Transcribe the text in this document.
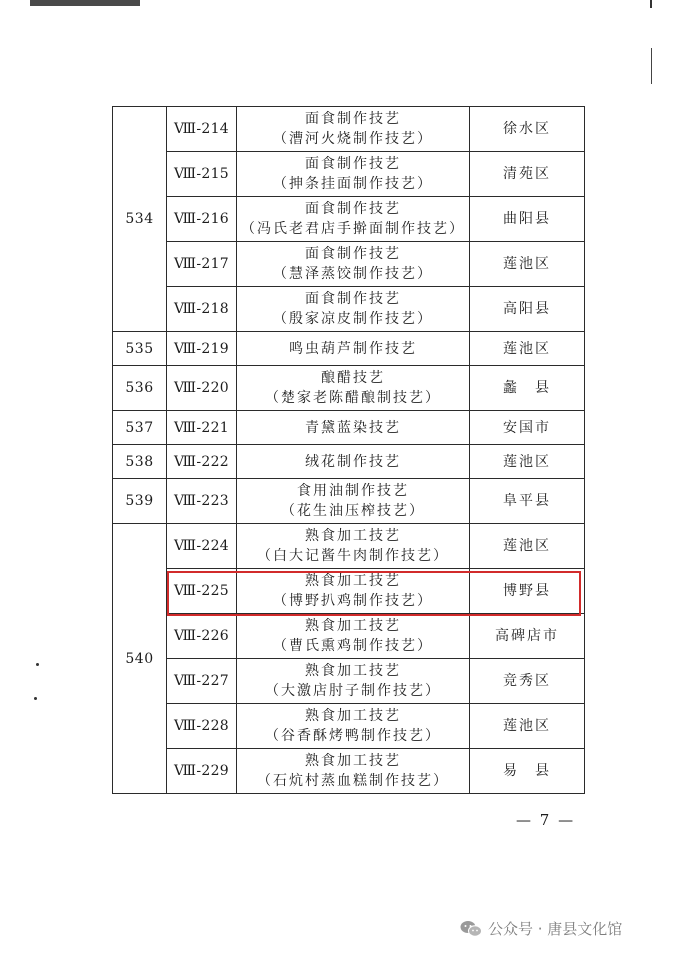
534	Ⅷ-214	面食制作技艺
（漕河火烧制作技艺）	徐水区
	Ⅷ-215	面食制作技艺
（抻条挂面制作技艺）	清苑区
	Ⅷ-216	面食制作技艺
（冯氏老君店手擀面制作技艺）	曲阳县
	Ⅷ-217	面食制作技艺
（慧泽蒸饺制作技艺）	莲池区
	Ⅷ-218	面食制作技艺
（殷家凉皮制作技艺）	高阳县
535	Ⅷ-219	鸣虫葫芦制作技艺	莲池区
536	Ⅷ-220	酿醋技艺
（楚家老陈醋酿制技艺）	蠡　县
537	Ⅷ-221	青黛蓝染技艺	安国市
538	Ⅷ-222	绒花制作技艺	莲池区
539	Ⅷ-223	食用油制作技艺
（花生油压榨技艺）	阜平县
540	Ⅷ-224	熟食加工技艺
（白大记酱牛肉制作技艺）	莲池区
	Ⅷ-225	熟食加工技艺
（博野扒鸡制作技艺）	博野县
	Ⅷ-226	熟食加工技艺
（曹氏熏鸡制作技艺）	高碑店市
	Ⅷ-227	熟食加工技艺
（大激店肘子制作技艺）	竞秀区
	Ⅷ-228	熟食加工技艺
（谷香酥烤鸭制作技艺）	莲池区
	Ⅷ-229	熟食加工技艺
（石炕村蒸血糕制作技艺）	易　县
— 7 —
公众号 · 唐县文化馆
